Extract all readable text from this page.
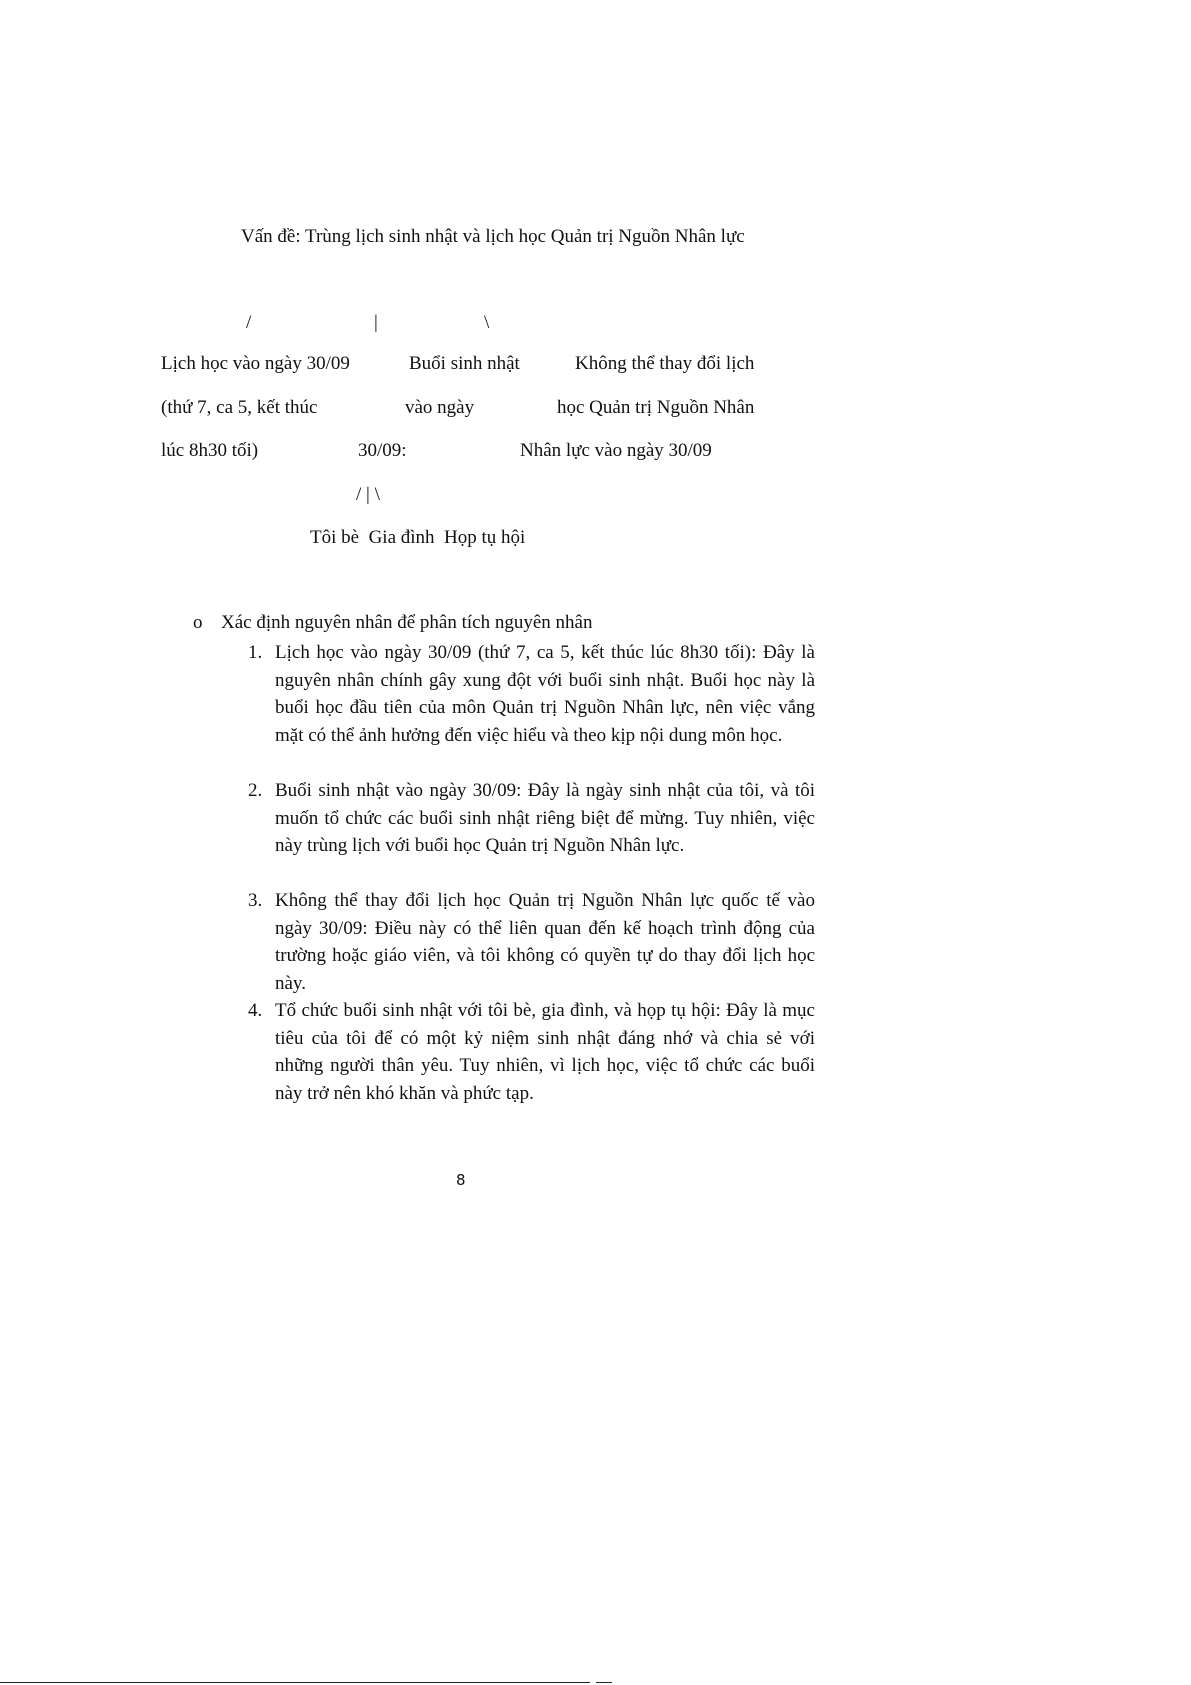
Vấn đề: Trùng lịch sinh nhật và lịch học Quản trị Nguồn Nhân lực
/	|	\
Lịch học vào ngày 30/09
(thứ 7, ca 5, kết thúc
lúc 8h30 tối)
Buổi sinh nhật
vào ngày
30/09:
Không thể thay đổi lịch
học Quản trị Nguồn Nhân
Nhân lực vào ngày 30/09
/ | \
Tôi bè  Gia đình  Họp tụ hội
o Xác định nguyên nhân để phân tích nguyên nhân
1. Lịch học vào ngày 30/09 (thứ 7, ca 5, kết thúc lúc 8h30 tối): Đây là nguyên nhân chính gây xung đột với buổi sinh nhật. Buổi học này là buổi học đầu tiên của môn Quản trị Nguồn Nhân lực, nên việc vắng mặt có thể ảnh hưởng đến việc hiểu và theo kịp nội dung môn học.
2. Buổi sinh nhật vào ngày 30/09: Đây là ngày sinh nhật của tôi, và tôi muốn tổ chức các buổi sinh nhật riêng biệt để mừng. Tuy nhiên, việc này trùng lịch với buổi học Quản trị Nguồn Nhân lực.
3. Không thể thay đổi lịch học Quản trị Nguồn Nhân lực quốc tế vào ngày 30/09: Điều này có thể liên quan đến kế hoạch trình động của trường hoặc giáo viên, và tôi không có quyền tự do thay đổi lịch học này.
4. Tổ chức buổi sinh nhật với tôi bè, gia đình, và họp tụ hội: Đây là mục tiêu của tôi để có một kỷ niệm sinh nhật đáng nhớ và chia sẻ với những người thân yêu. Tuy nhiên, vì lịch học, việc tổ chức các buổi này trở nên khó khăn và phức tạp.
8
